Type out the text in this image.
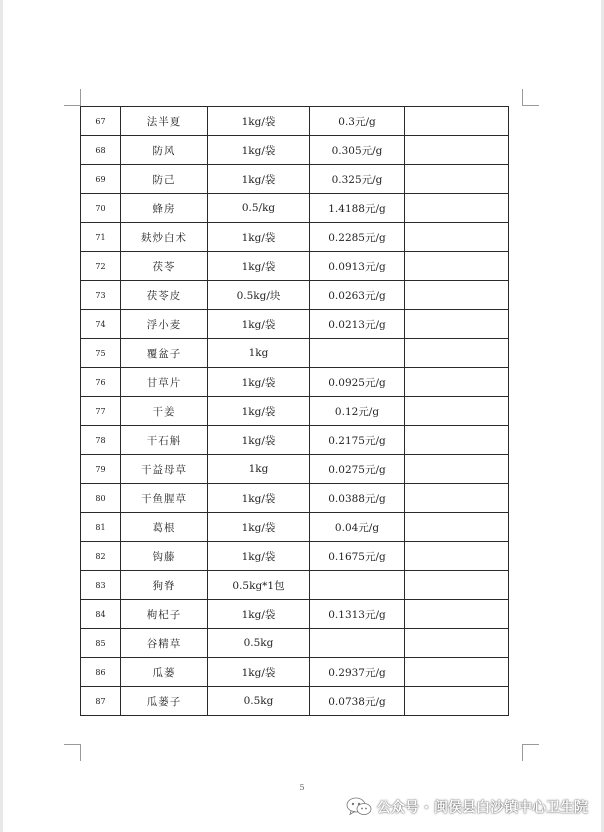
67	法半夏	1kg/袋	0.3元/g	
68	防风	1kg/袋	0.305元/g	
69	防己	1kg/袋	0.325元/g	
70	蜂房	0.5/kg	1.4188元/g	
71	麸炒白术	1kg/袋	0.2285元/g	
72	茯苓	1kg/袋	0.0913元/g	
73	茯苓皮	0.5kg/块	0.0263元/g	
74	浮小麦	1kg/袋	0.0213元/g	
75	覆盆子	1kg		
76	甘草片	1kg/袋	0.0925元/g	
77	干姜	1kg/袋	0.12元/g	
78	干石斛	1kg/袋	0.2175元/g	
79	干益母草	1kg	0.0275元/g	
80	干鱼腥草	1kg/袋	0.0388元/g	
81	葛根	1kg/袋	0.04元/g	
82	钩藤	1kg/袋	0.1675元/g	
83	狗脊	0.5kg*1包		
84	枸杞子	1kg/袋	0.1313元/g	
85	谷精草	0.5kg		
86	瓜蒌	1kg/袋	0.2937元/g	
87	瓜蒌子	0.5kg	0.0738元/g	
5
公众号 · 闽侯县白沙镇中心卫生院
